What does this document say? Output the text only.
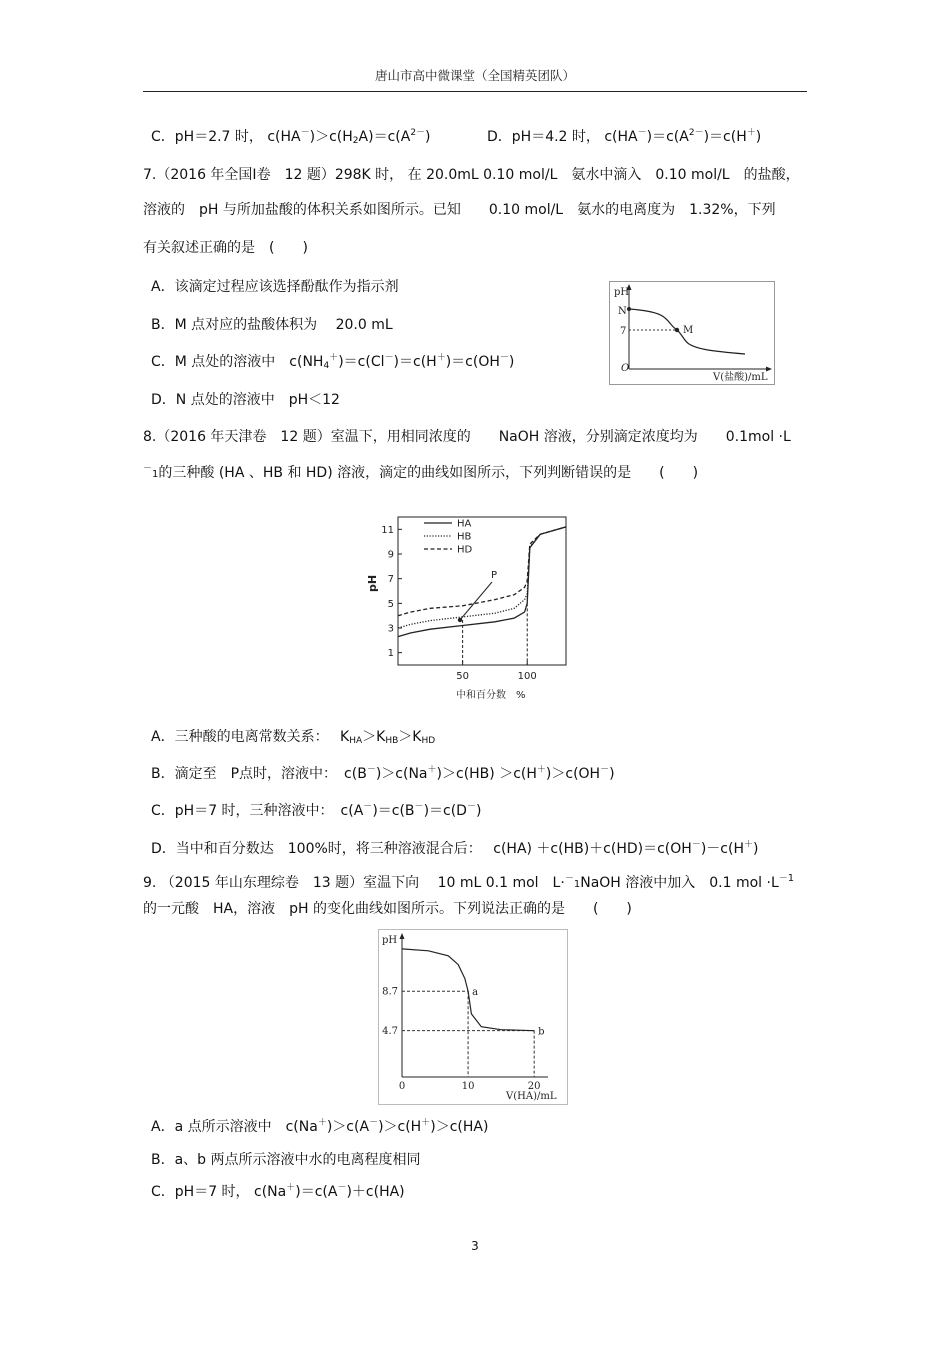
唐山市高中微课堂（全国精英团队）
C．pH＝2.7 时， $c(HA^-)>c(H_2A)=c(A^{2-})$	D．pH＝4.2 时， $c(HA^-)=c(A^{2-})=c(H^+)$
7.（2016 年全国Ⅰ卷　12 题）298K 时， 在 20.0mL 0.10 mol/L　氨水中滴入　0.10 mol/L　的盐酸，
溶液的　pH 与所加盐酸的体积关系如图所示。已知　　0.10 mol/L　氨水的电离度为　1.32%，下列
有关叙述正确的是　(　　)
A．该滴定过程应该选择酚酞作为指示剂
B．M 点对应的盐酸体积为　 20.0 mL
C．M 点处的溶液中　$c(NH_4^+)=c(Cl^-)=c(H^+)=c(OH^-)$
D．N 点处的溶液中　pH＜12
pH
N
7
O
V(盐酸)/mL
M
8.（2016 年天津卷　12 题）室温下，用相同浓度的　　NaOH 溶液，分别滴定浓度均为　　0.1mol ·L
－1的三种酸 (HA 、HB 和 HD) 溶液，滴定的曲线如图所示，下列判断错误的是　　(　　)
pH
1
3
5
7
9
11
50	100
中和百分数　%
HA
HB
HD
P
A．三种酸的电离常数关系：　 $K_{HA}>K_{HB}>K_{HD}$
B．滴定至　P点时，溶液中：　c(B－)＞c(Na＋)＞c(HB) ＞c(H＋)＞c(OH－)
C．pH＝7 时，三种溶液中：　c(A－)＝c(B－)＝c(D－)
D．当中和百分数达　100%时，将三种溶液混合后：　 c(HA) ＋c(HB)＋c(HD)＝c(OH－)－c(H＋)
9. （2015 年山东理综卷　13 题）室温下向　 10 mL 0.1 mol　L·－1NaOH 溶液中加入　0.1 mol $\cdot L^{-1}$
的一元酸　HA，溶液　pH 的变化曲线如图所示。下列说法正确的是　　(　　)
pH
8.7
4.7
0	10	20
V(HA)/mL
a
b
A．a 点所示溶液中　c(Na＋)＞c(A－)＞c(H＋)＞c(HA)
B．a、b 两点所示溶液中水的电离程度相同
C．pH＝7 时， c(Na＋)＝c(A－)＋c(HA)
3
